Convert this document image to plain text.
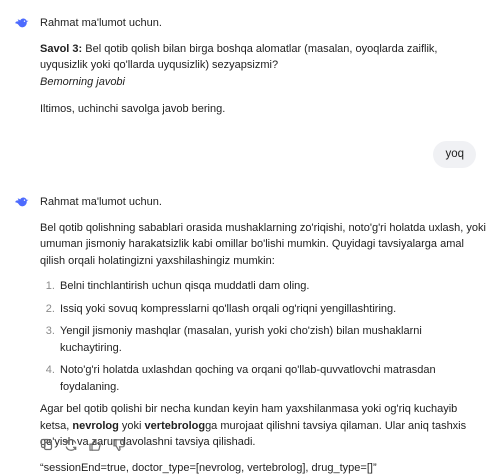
Rahmat ma'lumot uchun.

Savol 3: Bel qotib qolish bilan birga boshqa alomatlar (masalan, oyoqlarda zaiflik, uyqusizlik yoki qo'llarda uyqusizlik) sezyapsizmi?

Bemorning javobi

Iltimos, uchinchi savolga javob bering.

yoq

Rahmat ma'lumot uchun.

Bel qotib qolishning sabablari orasida mushaklarning zo'riqishi, noto'g'ri holatda uxlash, yoki umuman jismoniy harakatsizlik kabi omillar bo'lishi mumkin. Quyidagi tavsiyalarga amal qilish orqali holatingizni yaxshilashingiz mumkin:

1. Belni tinchlantirish uchun qisqa muddatli dam oling.
2. Issiq yoki sovuq kompresslarni qo'llash orqali og'riqni yengillashtiring.
3. Yengil jismoniy mashqlar (masalan, yurish yoki cho'zish) bilan mushaklarni kuchaytiring.
4. Noto'g'ri holatda uxlashdan qoching va orqani qo'llab-quvvatlovchi matrasdan foydalaning.

Agar bel qotib qolishi bir necha kundan keyin ham yaxshilanmasa yoki og'riq kuchayib ketsa, nevrolog yoki vertebrologga murojaat qilishni tavsiya qilaman. Ular aniq tashxis qo'yish va zarur davolashni tavsiya qilishadi.

“sessionEnd=true, doctor_type=[nevrolog, vertebrolog], drug_type=[]”
